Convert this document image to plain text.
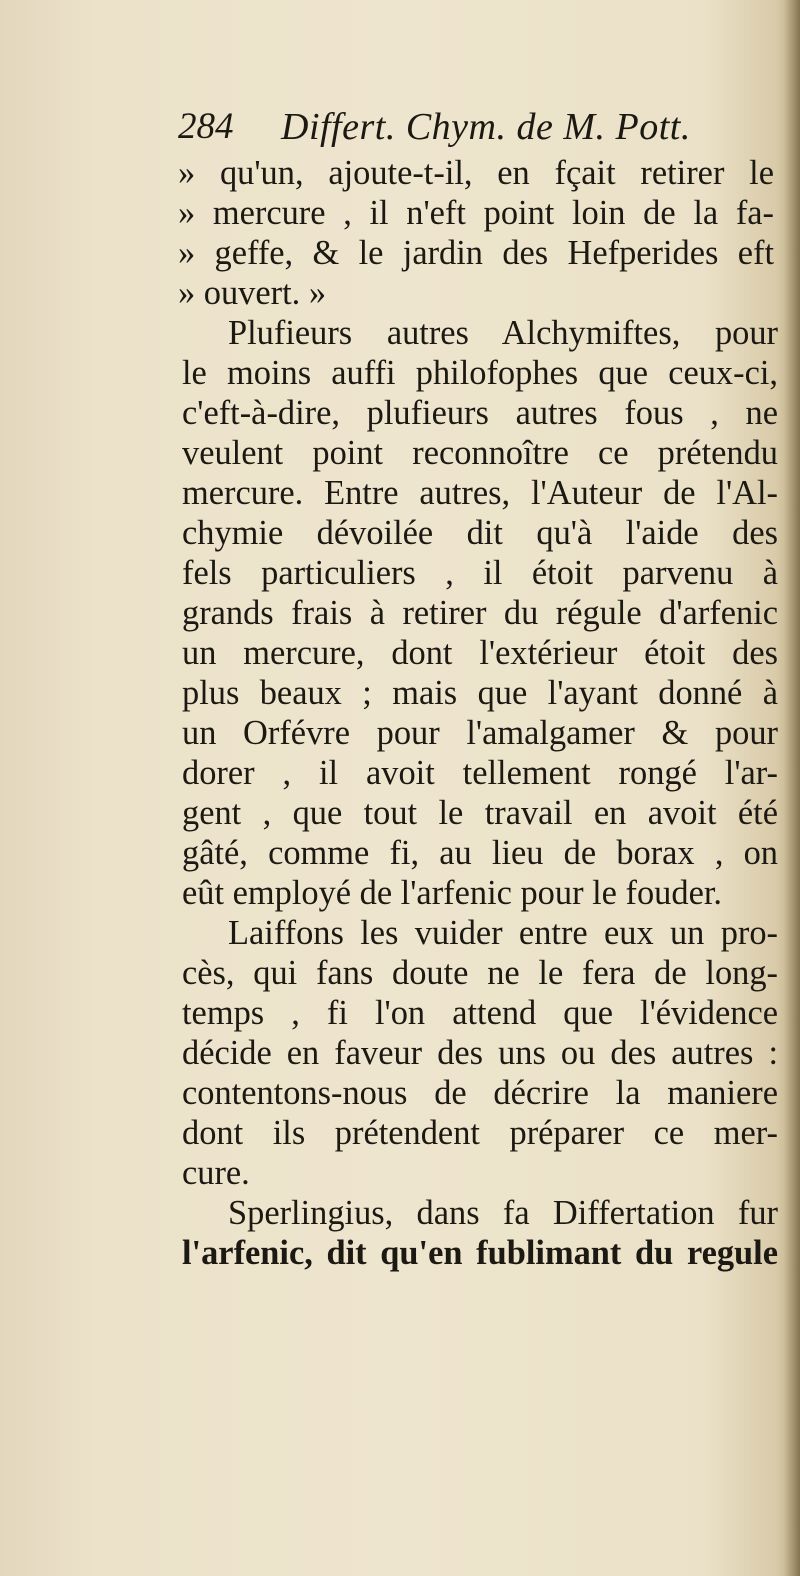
284 Differt. Chym. de M. Pott.
» qu'un, ajoute-t-il, en fçait retirer le
» mercure , il n'eft point loin de la fa-
» geffe, & le jardin des Hefperides eft
» ouvert. »
Plufieurs autres Alchymiftes, pour
le moins auffi philofophes que ceux-ci,
c'eft-à-dire, plufieurs autres fous , ne
veulent point reconnoître ce prétendu
mercure. Entre autres, l'Auteur de l'Al-
chymie dévoilée dit qu'à l'aide des
fels particuliers , il étoit parvenu à
grands frais à retirer du régule d'arfenic
un mercure, dont l'extérieur étoit des
plus beaux ; mais que l'ayant donné à
un Orfévre pour l'amalgamer & pour
dorer , il avoit tellement rongé l'ar-
gent , que tout le travail en avoit été
gâté, comme fi, au lieu de borax , on
eût employé de l'arfenic pour le fouder.
Laiffons les vuider entre eux un pro-
cès, qui fans doute ne le fera de long-
temps , fi l'on attend que l'évidence
décide en faveur des uns ou des autres :
contentons-nous de décrire la maniere
dont ils prétendent préparer ce mer-
cure.
Sperlingius, dans fa Differtation fur
l'arfenic, dit qu'en fublimant du regule
